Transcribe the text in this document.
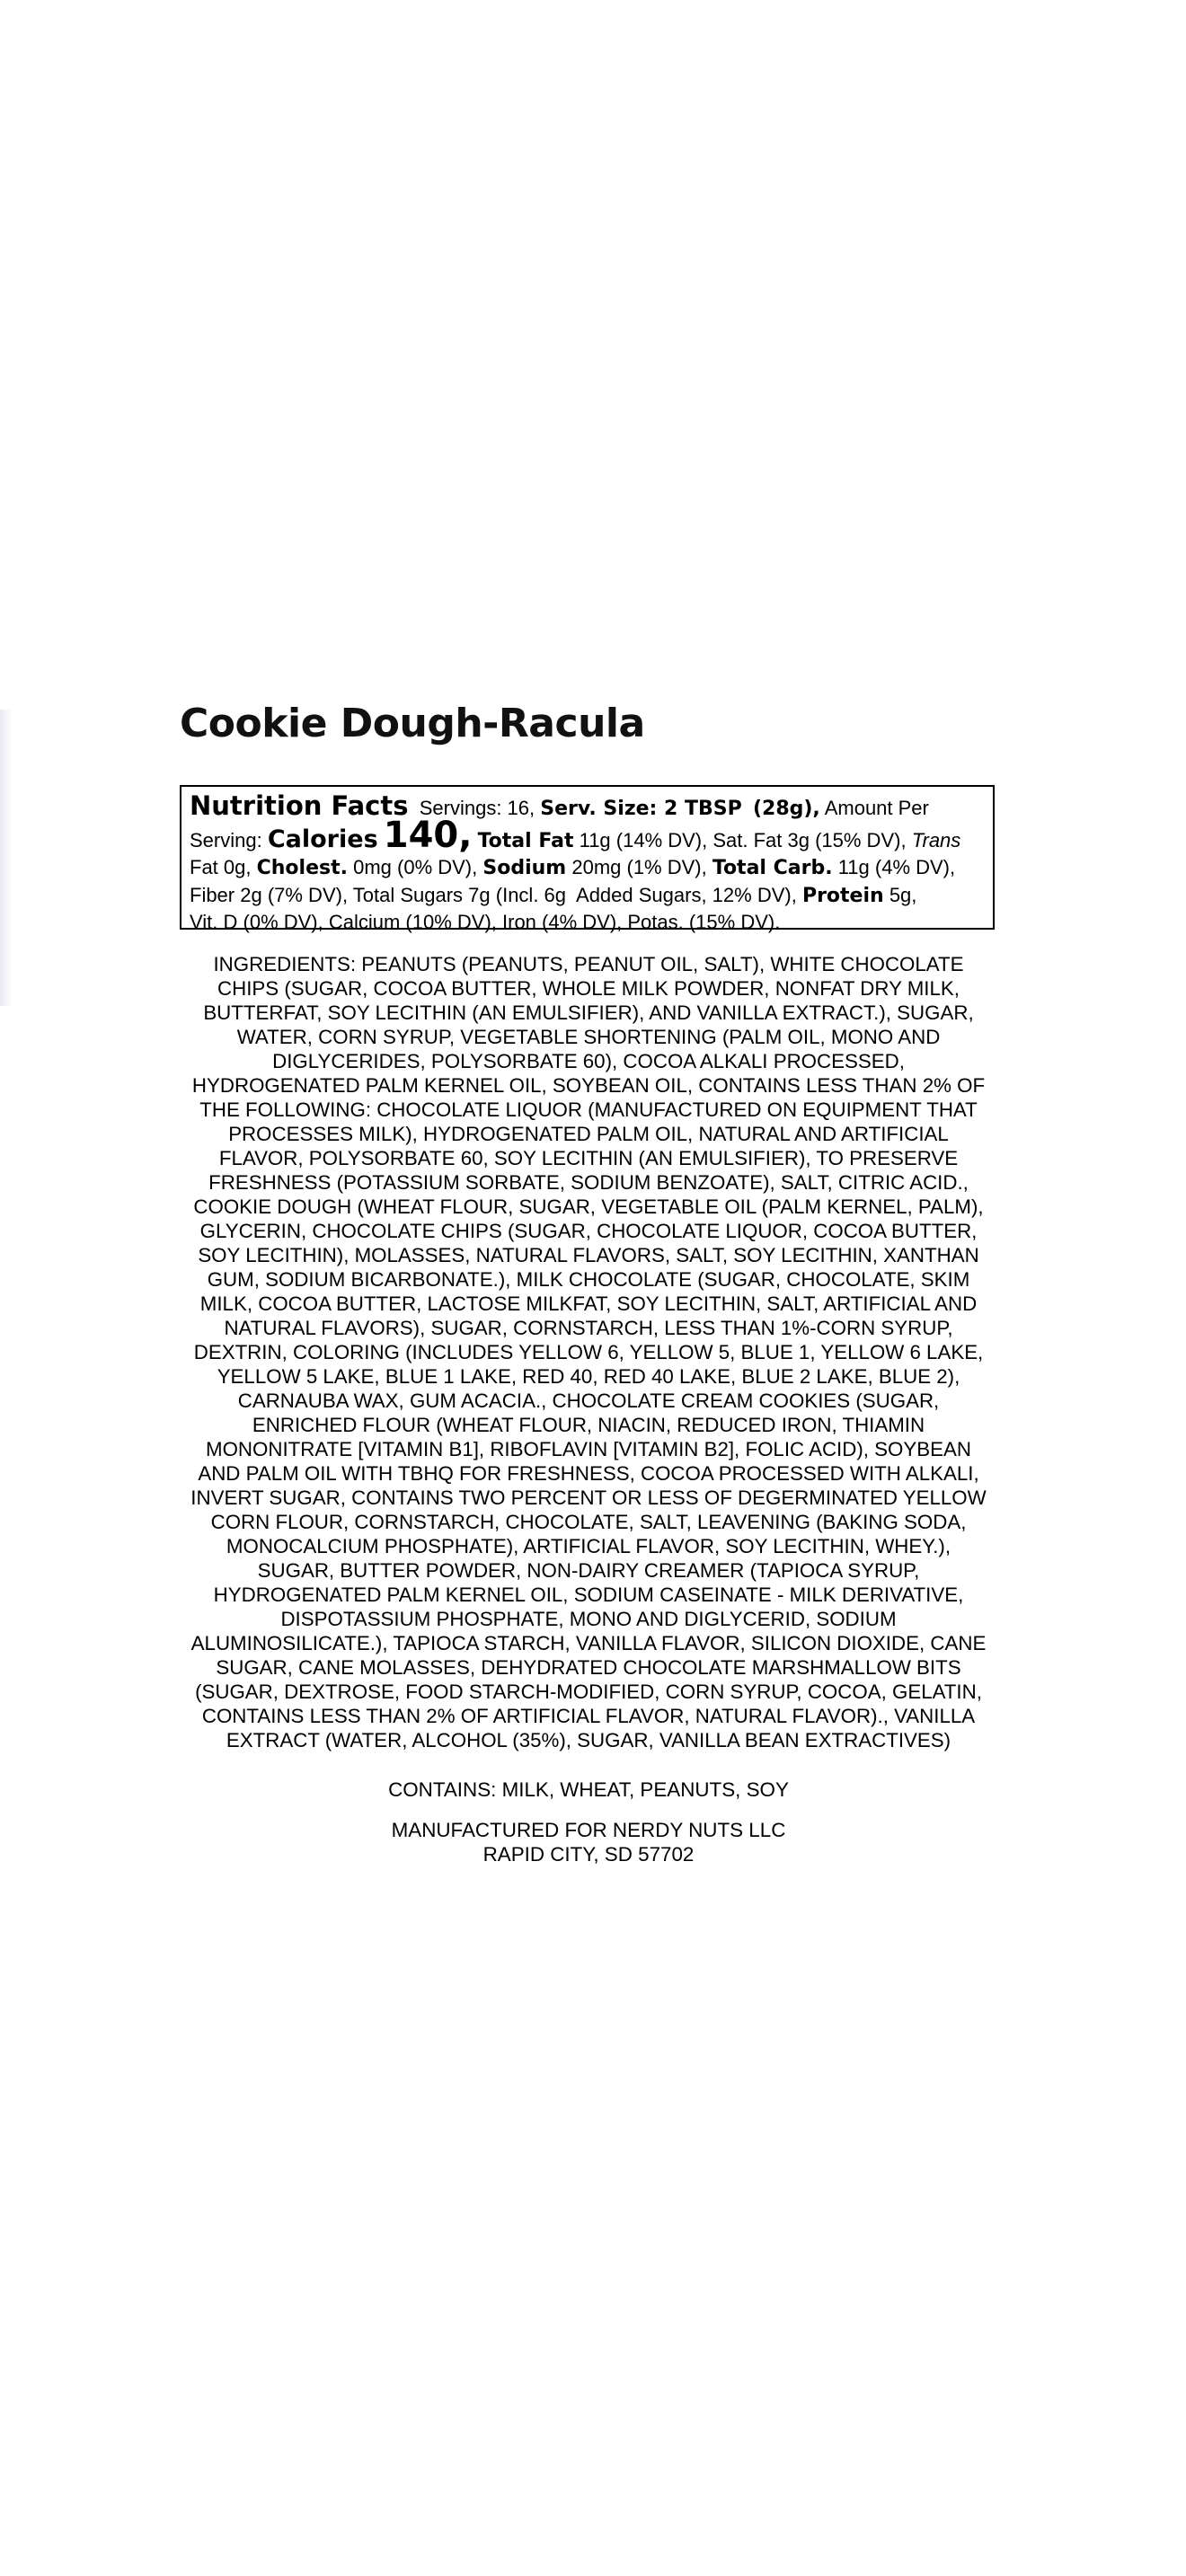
Cookie Dough-Racula
Nutrition Facts Servings: 16, Serv. Size: 2 TBSP (28g), Amount Per
Serving: Calories 140, Total Fat 11g (14% DV), Sat. Fat 3g (15% DV), Trans
Fat 0g, Cholest. 0mg (0% DV), Sodium 20mg (1% DV), Total Carb. 11g (4% DV),
Fiber 2g (7% DV), Total Sugars 7g (Incl. 6g  Added Sugars, 12% DV), Protein 5g,
Vit. D (0% DV), Calcium (10% DV), Iron (4% DV), Potas. (15% DV).
INGREDIENTS: PEANUTS (PEANUTS, PEANUT OIL, SALT), WHITE CHOCOLATE
CHIPS (SUGAR, COCOA BUTTER, WHOLE MILK POWDER, NONFAT DRY MILK,
BUTTERFAT, SOY LECITHIN (AN EMULSIFIER), AND VANILLA EXTRACT.), SUGAR,
WATER, CORN SYRUP, VEGETABLE SHORTENING (PALM OIL, MONO AND
DIGLYCERIDES, POLYSORBATE 60), COCOA ALKALI PROCESSED,
HYDROGENATED PALM KERNEL OIL, SOYBEAN OIL, CONTAINS LESS THAN 2% OF
THE FOLLOWING: CHOCOLATE LIQUOR (MANUFACTURED ON EQUIPMENT THAT
PROCESSES MILK), HYDROGENATED PALM OIL, NATURAL AND ARTIFICIAL
FLAVOR, POLYSORBATE 60, SOY LECITHIN (AN EMULSIFIER), TO PRESERVE
FRESHNESS (POTASSIUM SORBATE, SODIUM BENZOATE), SALT, CITRIC ACID.,
COOKIE DOUGH (WHEAT FLOUR, SUGAR, VEGETABLE OIL (PALM KERNEL, PALM),
GLYCERIN, CHOCOLATE CHIPS (SUGAR, CHOCOLATE LIQUOR, COCOA BUTTER,
SOY LECITHIN), MOLASSES, NATURAL FLAVORS, SALT, SOY LECITHIN, XANTHAN
GUM, SODIUM BICARBONATE.), MILK CHOCOLATE (SUGAR, CHOCOLATE, SKIM
MILK, COCOA BUTTER, LACTOSE MILKFAT, SOY LECITHIN, SALT, ARTIFICIAL AND
NATURAL FLAVORS), SUGAR, CORNSTARCH, LESS THAN 1%-CORN SYRUP,
DEXTRIN, COLORING (INCLUDES YELLOW 6, YELLOW 5, BLUE 1, YELLOW 6 LAKE,
YELLOW 5 LAKE, BLUE 1 LAKE, RED 40, RED 40 LAKE, BLUE 2 LAKE, BLUE 2),
CARNAUBA WAX, GUM ACACIA., CHOCOLATE CREAM COOKIES (SUGAR,
ENRICHED FLOUR (WHEAT FLOUR, NIACIN, REDUCED IRON, THIAMIN
MONONITRATE [VITAMIN B1], RIBOFLAVIN [VITAMIN B2], FOLIC ACID), SOYBEAN
AND PALM OIL WITH TBHQ FOR FRESHNESS, COCOA PROCESSED WITH ALKALI,
INVERT SUGAR, CONTAINS TWO PERCENT OR LESS OF DEGERMINATED YELLOW
CORN FLOUR, CORNSTARCH, CHOCOLATE, SALT, LEAVENING (BAKING SODA,
MONOCALCIUM PHOSPHATE), ARTIFICIAL FLAVOR, SOY LECITHIN, WHEY.),
SUGAR, BUTTER POWDER, NON-DAIRY CREAMER (TAPIOCA SYRUP,
HYDROGENATED PALM KERNEL OIL, SODIUM CASEINATE - MILK DERIVATIVE,
DISPOTASSIUM PHOSPHATE, MONO AND DIGLYCERID, SODIUM
ALUMINOSILICATE.), TAPIOCA STARCH, VANILLA FLAVOR, SILICON DIOXIDE, CANE
SUGAR, CANE MOLASSES, DEHYDRATED CHOCOLATE MARSHMALLOW BITS
(SUGAR, DEXTROSE, FOOD STARCH-MODIFIED, CORN SYRUP, COCOA, GELATIN,
CONTAINS LESS THAN 2% OF ARTIFICIAL FLAVOR, NATURAL FLAVOR)., VANILLA
EXTRACT (WATER, ALCOHOL (35%), SUGAR, VANILLA BEAN EXTRACTIVES)
CONTAINS: MILK, WHEAT, PEANUTS, SOY
MANUFACTURED FOR NERDY NUTS LLC
RAPID CITY, SD 57702
